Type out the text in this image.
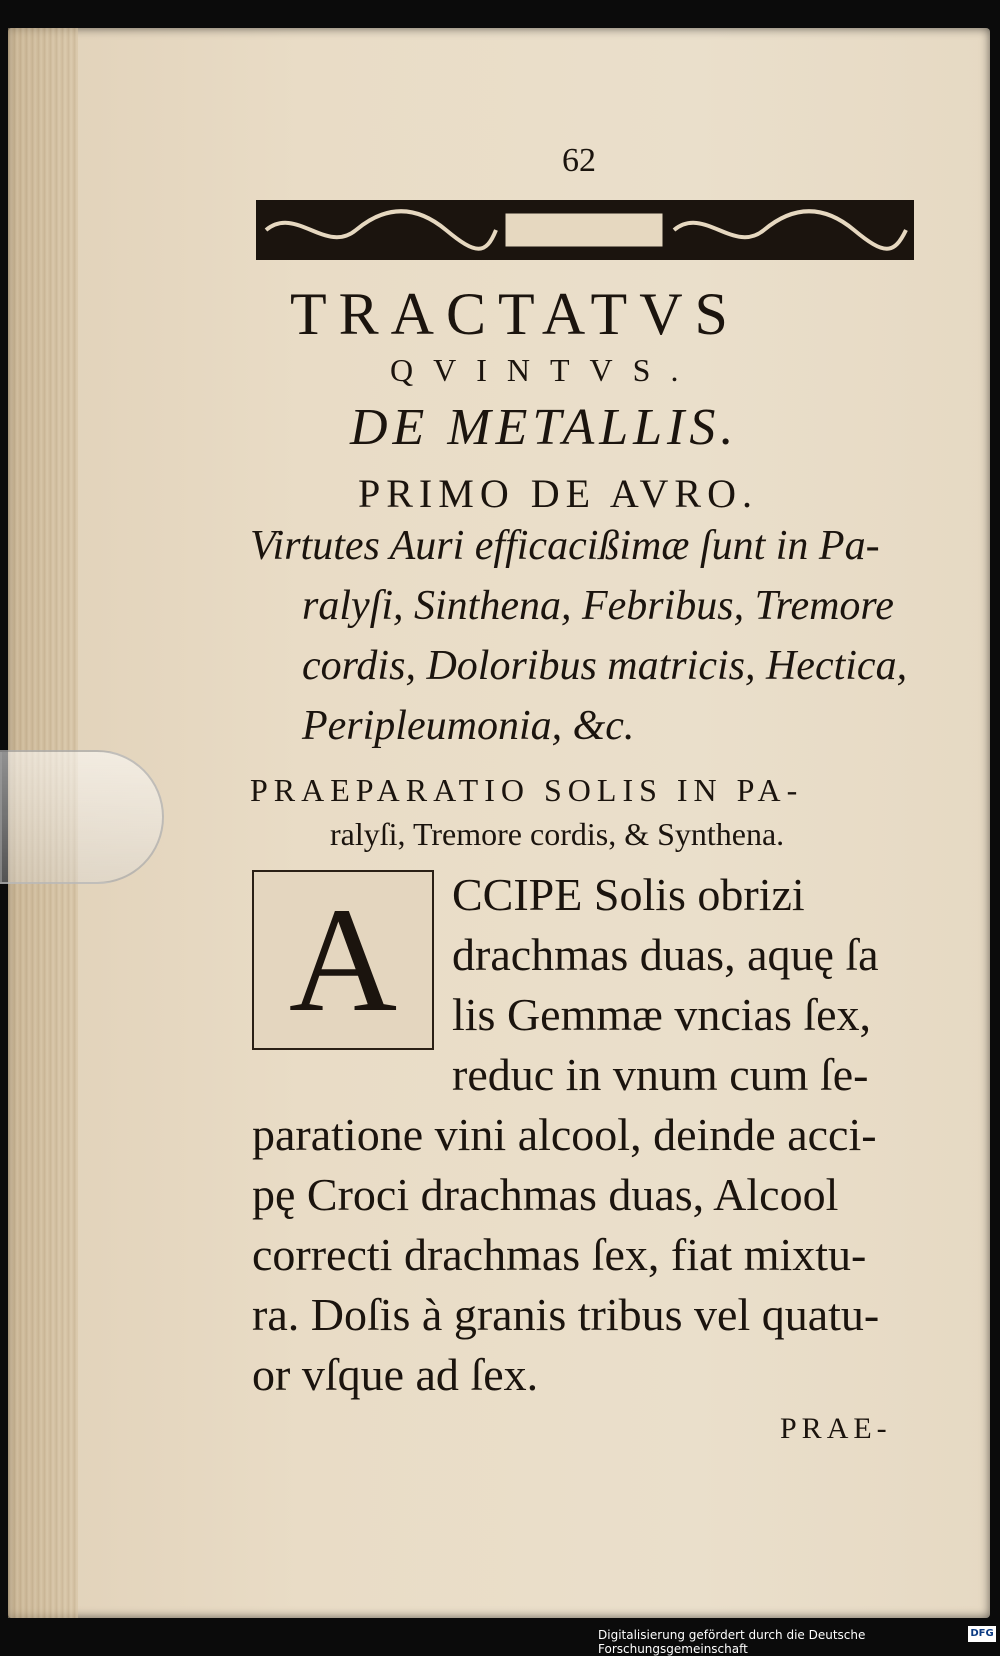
62
TRACTATVS
QVINTVS.
DE METALLIS.
PRIMO DE AVRO.
Virtutes Auri efficacißimæ ſunt in Pa-
ralyſi, Sinthena, Febribus, Tremore
cordis, Doloribus matricis, Hectica,
Peripleumonia, &c.
PRAEPARATIO SOLIS IN PA-
ralyſi, Tremore cordis, & Synthena.
A	CCIPE Solis obrizi
drachmas duas, aquę ſa
lis Gemmæ vncias ſex,
reduc in vnum cum ſe-
paratione vini alcool, deinde acci-
pę Croci drachmas duas, Alcool
correcti drachmas ſex, fiat mixtu-
ra. Doſis à granis tribus vel quatu-
or vſque ad ſex.
PRAE-
Digitalisierung gefördert durch die Deutsche Forschungsgemeinschaft
DFG
